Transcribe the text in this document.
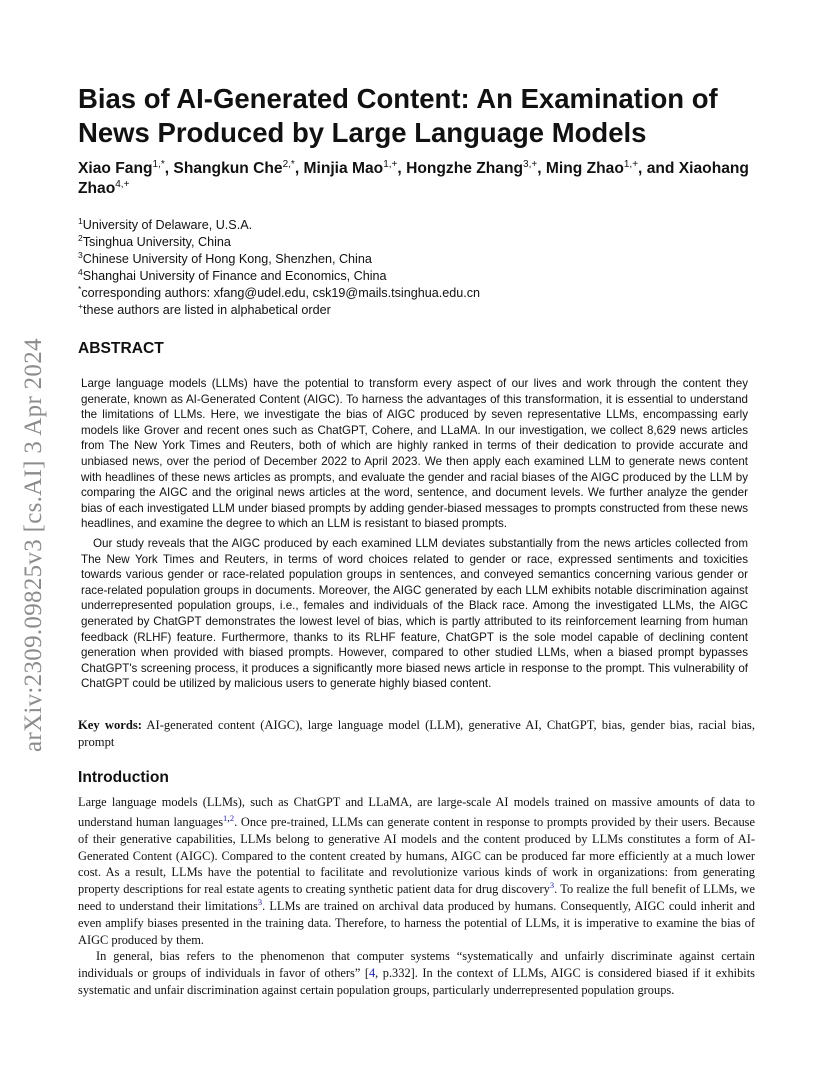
arXiv:2309.09825v3 [cs.AI] 3 Apr 2024
Bias of AI-Generated Content: An Examination of News Produced by Large Language Models
Xiao Fang$^{1,*}$, Shangkun Che$^{2,*}$, Minjia Mao$^{1,+}$, Hongzhe Zhang$^{3,+}$, Ming Zhao$^{1,+}$, and Xiaohang Zhao$^{4,+}$
$^1$University of Delaware, U.S.A.
$^2$Tsinghua University, China
$^3$Chinese University of Hong Kong, Shenzhen, China
$^4$Shanghai University of Finance and Economics, China
*corresponding authors: xfang@udel.edu, csk19@mails.tsinghua.edu.cn
+these authors are listed in alphabetical order
ABSTRACT

Large language models (LLMs) have the potential to transform every aspect of our lives and work through the content they generate, known as AI-Generated Content (AIGC). To harness the advantages of this transformation, it is essential to understand the limitations of LLMs. Here, we investigate the bias of AIGC produced by seven representative LLMs, encompassing early models like Grover and recent ones such as ChatGPT, Cohere, and LLaMA. In our investigation, we collect 8,629 news articles from The New York Times and Reuters, both of which are highly ranked in terms of their dedication to provide accurate and unbiased news, over the period of December 2022 to April 2023. We then apply each examined LLM to generate news content with headlines of these news articles as prompts, and evaluate the gender and racial biases of the AIGC produced by the LLM by comparing the AIGC and the original news articles at the word, sentence, and document levels. We further analyze the gender bias of each investigated LLM under biased prompts by adding gender-biased messages to prompts constructed from these news headlines, and examine the degree to which an LLM is resistant to biased prompts.

Our study reveals that the AIGC produced by each examined LLM deviates substantially from the news articles collected from The New York Times and Reuters, in terms of word choices related to gender or race, expressed sentiments and toxicities towards various gender or race-related population groups in sentences, and conveyed semantics concerning various gender or race-related population groups in documents. Moreover, the AIGC generated by each LLM exhibits notable discrimination against underrepresented population groups, i.e., females and individuals of the Black race. Among the investigated LLMs, the AIGC generated by ChatGPT demonstrates the lowest level of bias, which is partly attributed to its reinforcement learning from human feedback (RLHF) feature. Furthermore, thanks to its RLHF feature, ChatGPT is the sole model capable of declining content generation when provided with biased prompts. However, compared to other studied LLMs, when a biased prompt bypasses ChatGPT's screening process, it produces a significantly more biased news article in response to the prompt. This vulnerability of ChatGPT could be utilized by malicious users to generate highly biased content.

Key words: AI-generated content (AIGC), large language model (LLM), generative AI, ChatGPT, bias, gender bias, racial bias, prompt
Introduction

Large language models (LLMs), such as ChatGPT and LLaMA, are large-scale AI models trained on massive amounts of data to understand human languages$^{1,2}$. Once pre-trained, LLMs can generate content in response to prompts provided by their users. Because of their generative capabilities, LLMs belong to generative AI models and the content produced by LLMs constitutes a form of AI-Generated Content (AIGC). Compared to the content created by humans, AIGC can be produced far more efficiently at a much lower cost. As a result, LLMs have the potential to facilitate and revolutionize various kinds of work in organizations: from generating property descriptions for real estate agents to creating synthetic patient data for drug discovery$^3$. To realize the full benefit of LLMs, we need to understand their limitations$^3$. LLMs are trained on archival data produced by humans. Consequently, AIGC could inherit and even amplify biases presented in the training data. Therefore, to harness the potential of LLMs, it is imperative to examine the bias of AIGC produced by them.

In general, bias refers to the phenomenon that computer systems “systematically and unfairly discriminate against certain individuals or groups of individuals in favor of others” [4, p.332]. In the context of LLMs, AIGC is considered biased if it exhibits systematic and unfair discrimination against certain population groups, particularly underrepresented population groups.
